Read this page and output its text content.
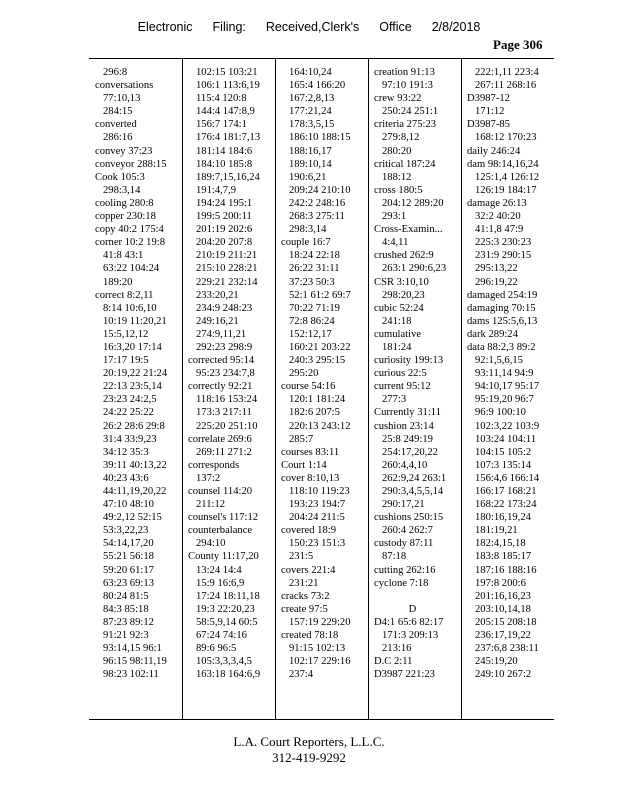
Electronic Filing: Received,Clerk's Office 2/8/2018
Page 306
296:8
conversations
77:10,13
284:15
converted
286:16
convey 37:23
conveyor 288:15
Cook 105:3
298:3,14
cooling 280:8
copper 230:18
copy 40:2 175:4
corner 10:2 19:8
41:8 43:1
63:22 104:24
189:20
correct 8:2,11
8:14 10:6,10
10:19 11:20,21
15:5,12,12
16:3,20 17:14
17:17 19:5
20:19,22 21:24
22:13 23:5,14
23:23 24:2,5
24:22 25:22
26:2 28:6 29:8
31:4 33:9,23
34:12 35:3
39:11 40:13,22
40:23 43:6
44:11,19,20,22
47:10 48:10
49:2,12 52:15
53:3,22,23
54:14,17,20
55:21 56:18
59:20 61:17
63:23 69:13
80:24 81:5
84:3 85:18
87:23 89:12
91:21 92:3
93:14,15 96:1
96:15 98:11,19
98:23 102:11
102:15 103:21
106:1 113:6,19
115:4 120:8
144:4 147:8,9
156:7 174:1
176:4 181:7,13
181:14 184:6
184:10 185:8
189:7,15,16,24
191:4,7,9
194:24 195:1
199:5 200:11
201:19 202:6
204:20 207:8
210:19 211:21
215:10 228:21
229:21 232:14
233:20,21
234:9 248:23
249:16,21
274:9,11,21
292:23 298:9
corrected 95:14
95:23 234:7,8
correctly 92:21
118:16 153:24
173:3 217:11
225:20 251:10
correlate 269:6
269:11 271:2
corresponds
137:2
counsel 114:20
211:12
counsel's 117:12
counterbalance
294:10
County 11:17,20
13:24 14:4
15:9 16:6,9
17:24 18:11,18
19:3 22:20,23
58:5,9,14 60:5
67:24 74:16
89:6 96:5
105:3,3,3,4,5
163:18 164:6,9
164:10,24
165:4 166:20
167:2,8,13
177:21,24
178:3,5,15
186:10 188:15
188:16,17
189:10,14
190:6,21
209:24 210:10
242:2 248:16
268:3 275:11
298:3,14
couple 16:7
18:24 22:18
26:22 31:11
37:23 50:3
52:1 61:2 69:7
70:22 71:19
72:8 86:24
152:12,17
160:21 203:22
240:3 295:15
295:20
course 54:16
120:1 181:24
182:6 207:5
220:13 243:12
285:7
courses 83:11
Court 1:14
cover 8:10,13
118:10 119:23
193:23 194:7
204:24 211:5
covered 18:9
150:23 151:3
231:5
covers 221:4
231:21
cracks 73:2
create 97:5
157:19 229:20
created 78:18
91:15 102:13
102:17 229:16
237:4
creation 91:13
97:10 191:3
crew 93:22
250:24 251:1
criteria 275:23
279:8,12
280:20
critical 187:24
188:12
cross 180:5
204:12 289:20
293:1
Cross-Examin...
4:4,11
crushed 262:9
263:1 290:6,23
CSR 3:10,10
298:20,23
cubic 52:24
241:18
cumulative
181:24
curiosity 199:13
curious 22:5
current 95:12
277:3
Currently 31:11
cushion 23:14
25:8 249:19
254:17,20,22
260:4,4,10
262:9,24 263:1
290:3,4,5,5,14
290:17,21
cushions 250:15
260:4 262:7
custody 87:11
87:18
cutting 262:16
cyclone 7:18

D
D4:1 65:6 82:17
171:3 209:13
213:16
D.C 2:11
D3987 221:23
222:1,11 223:4
267:11 268:16
D3987-12
171:12
D3987-85
168:12 170:23
daily 246:24
dam 98:14,16,24
125:1,4 126:12
126:19 184:17
damage 26:13
32:2 40:20
41:1,8 47:9
225:3 230:23
231:9 290:15
295:13,22
296:19,22
damaged 254:19
damaging 70:15
dams 125:5,6,13
dark 289:24
data 88:2,3 89:2
92:1,5,6,15
93:11,14 94:9
94:10,17 95:17
95:19,20 96:7
96:9 100:10
102:3,22 103:9
103:24 104:11
104:15 105:2
107:3 135:14
156:4,6 166:14
166:17 168:21
168:22 173:24
180:16,19,24
181:19,21
182:4,15,18
183:8 185:17
187:16 188:16
197:8 200:6
201:16,16,23
203:10,14,18
205:15 208:18
236:17,19,22
237:6,8 238:11
245:19,20
249:10 267:2
L.A. Court Reporters, L.L.C.
312-419-9292
